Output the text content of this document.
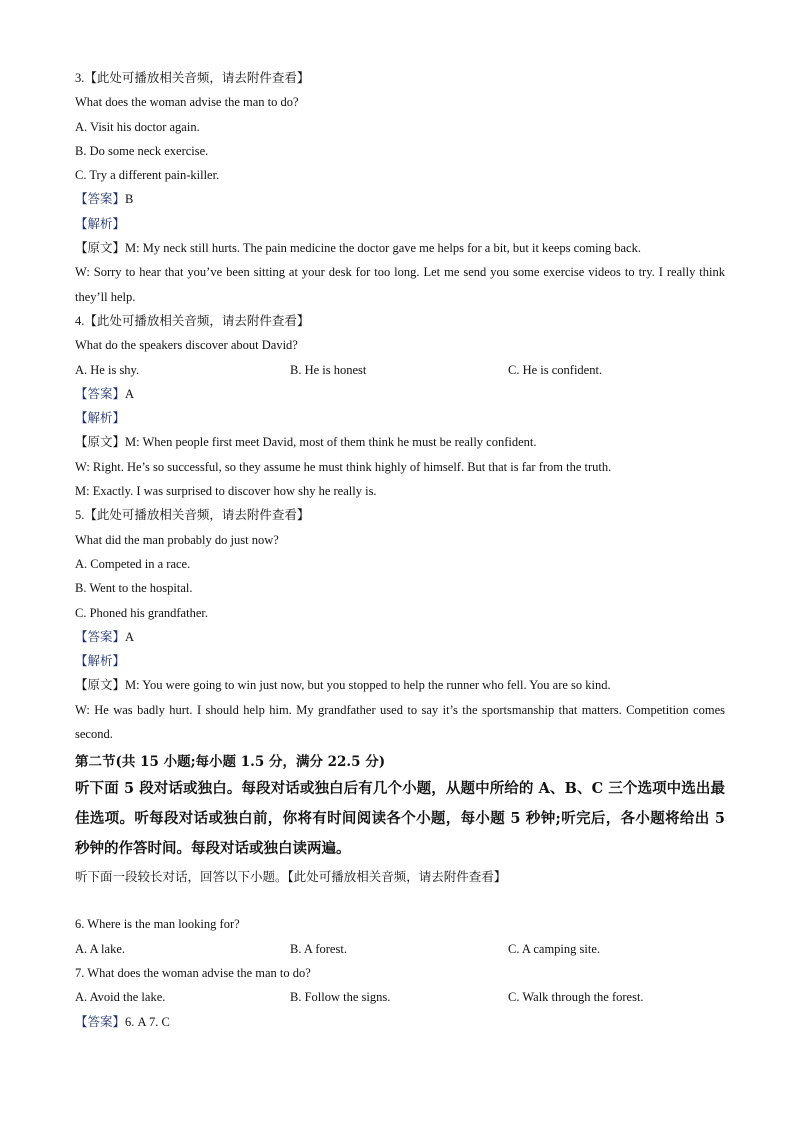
3.【此处可播放相关音频，请去附件查看】
What does the woman advise the man to do?
A. Visit his doctor again.
B. Do some neck exercise.
C. Try a different pain-killer.
【答案】B
【解析】
【原文】M: My neck still hurts. The pain medicine the doctor gave me helps for a bit, but it keeps coming back.
W: Sorry to hear that you’ve been sitting at your desk for too long. Let me send you some exercise videos to try. I really think they’ll help.
4.【此处可播放相关音频，请去附件查看】
What do the speakers discover about David?
A. He is shy.	B. He is honest	C. He is confident.
【答案】A
【解析】
【原文】M: When people first meet David, most of them think he must be really confident.
W: Right. He’s so successful, so they assume he must think highly of himself. But that is far from the truth.
M: Exactly. I was surprised to discover how shy he really is.
5.【此处可播放相关音频，请去附件查看】
What did the man probably do just now?
A. Competed in a race.
B. Went to the hospital.
C. Phoned his grandfather.
【答案】A
【解析】
【原文】M: You were going to win just now, but you stopped to help the runner who fell. You are so kind.
W: He was badly hurt. I should help him. My grandfather used to say it’s the sportsmanship that matters. Competition comes second.
第二节(共 15 小题;每小题 1.5 分，满分 22.5 分)
听下面 5 段对话或独白。每段对话或独白后有几个小题，从题中所给的 A、B、C 三个选项中选出最佳选项。听每段对话或独白前，你将有时间阅读各个小题，每小题 5 秒钟;听完后，各小题将给出 5 秒钟的作答时间。每段对话或独白读两遍。
听下面一段较长对话，回答以下小题。【此处可播放相关音频，请去附件查看】
6. Where is the man looking for?
A. A lake.	B. A forest.	C. A camping site.
7. What does the woman advise the man to do?
A. Avoid the lake.	B. Follow the signs.	C. Walk through the forest.
【答案】6. A 7. C
